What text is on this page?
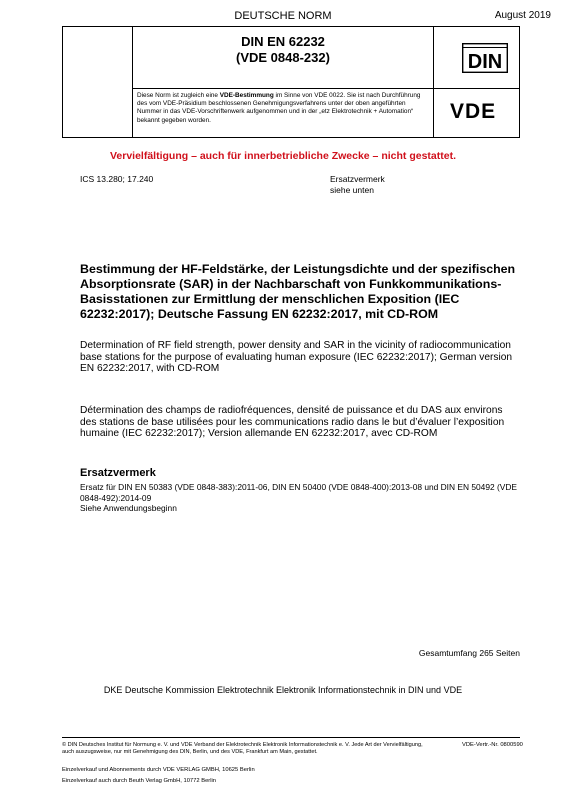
DEUTSCHE NORM	August 2019
DIN EN 62232
(VDE 0848-232)
Diese Norm ist zugleich eine VDE-Bestimmung im Sinne von VDE 0022. Sie ist nach Durchführung des vom VDE-Präsidium beschlossenen Genehmigungsverfahrens unter der oben angeführten Nummer in das VDE-Vorschriftenwerk aufgenommen und in der „etz Elektrotechnik + Automation“ bekannt gegeben worden.
DIN
VDE
Vervielfältigung – auch für innerbetriebliche Zwecke – nicht gestattet.
ICS 13.280; 17.240	Ersatzvermerk
siehe unten
Bestimmung der HF-Feldstärke, der Leistungsdichte und der spezifischen Absorptionsrate (SAR) in der Nachbarschaft von Funkkommunikations-Basisstationen zur Ermittlung der menschlichen Exposition (IEC 62232:2017); Deutsche Fassung EN 62232:2017, mit CD-ROM
Determination of RF field strength, power density and SAR in the vicinity of radiocommunication base stations for the purpose of evaluating human exposure (IEC 62232:2017); German version EN 62232:2017, with CD-ROM
Détermination des champs de radiofréquences, densité de puissance et du DAS aux environs des stations de base utilisées pour les communications radio dans le but d’évaluer l’exposition humaine (IEC 62232:2017); Version allemande EN 62232:2017, avec CD-ROM
Ersatzvermerk
Ersatz für DIN EN 50383 (VDE 0848-383):2011-06, DIN EN 50400 (VDE 0848-400):2013-08 und DIN EN 50492 (VDE 0848-492):2014-09
Siehe Anwendungsbeginn
Gesamtumfang 265 Seiten
DKE Deutsche Kommission Elektrotechnik Elektronik Informationstechnik in DIN und VDE
© DIN Deutsches Institut für Normung e. V. und VDE Verband der Elektrotechnik Elektronik Informationstechnik e. V. Jede Art der Vervielfältigung, auch auszugsweise, nur mit Genehmigung des DIN, Berlin, und des VDE, Frankfurt am Main, gestattet.
VDE-Vertr.-Nr. 0800590
Einzelverkauf und Abonnements durch VDE VERLAG GMBH, 10625 Berlin
Einzelverkauf auch durch Beuth Verlag GmbH, 10772 Berlin
